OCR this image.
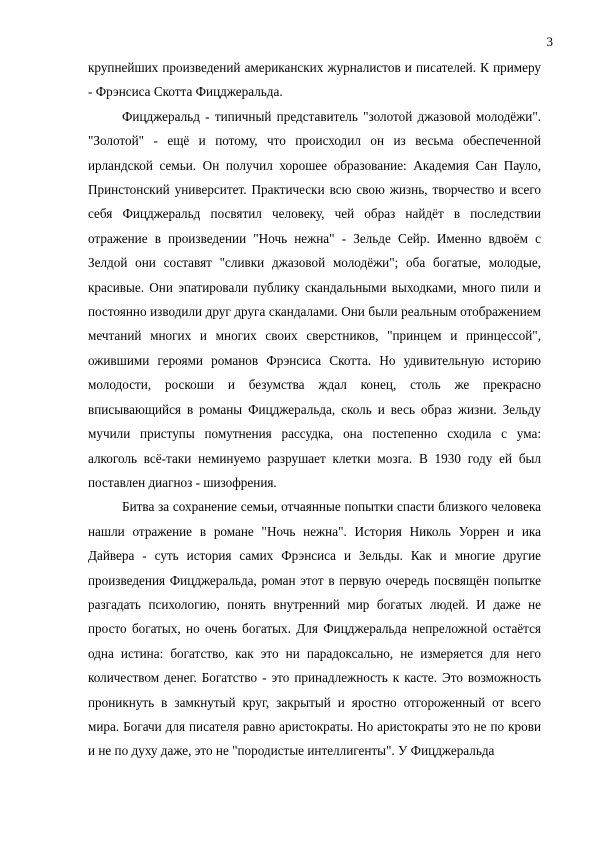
3

крупнейших произведений американских журналистов и писателей. К примеру - Фрэнсиса Скотта Фицджеральда.

Фицджеральд - типичный представитель "золотой джазовой молодёжи". "Золотой" - ещё и потому, что происходил он из весьма обеспеченной ирландской семьи. Он получил хорошее образование: Академия Сан Пауло, Принстонский университет. Практически всю свою жизнь, творчество и всего себя Фицджеральд посвятил человеку, чей образ найдёт в последствии отражение в произведении "Ночь нежна" - Зельде Сейр. Именно вдвоём с Зелдой они составят "сливки джазовой молодёжи"; оба богатые, молодые, красивые. Они эпатировали публику скандальными выходками, много пили и постоянно изводили друг друга скандалами. Они были реальным отображением мечтаний многих и многих своих сверстников, "принцем и принцессой", ожившими героями романов Фрэнсиса Скотта. Но удивительную историю молодости, роскоши и безумства ждал конец, столь же прекрасно вписывающийся в романы Фицджеральда, сколь и весь образ жизни. Зельду мучили приступы помутнения рассудка, она постепенно сходила с ума: алкоголь всё-таки неминуемо разрушает клетки мозга. В 1930 году ей был поставлен диагноз - шизофрения.

Битва за сохранение семьи, отчаянные попытки спасти близкого человека нашли отражение в романе "Ночь нежна". История Николь Уоррен и ика Дайвера - суть история самих Фрэнсиса и Зельды. Как и многие другие произведения Фицджеральда, роман этот в первую очередь посвящён попытке разгадать психологию, понять внутренний мир богатых людей. И даже не просто богатых, но очень богатых. Для Фицджеральда непреложной остаётся одна истина: богатство, как это ни парадоксально, не измеряется для него количеством денег. Богатство - это принадлежность к касте. Это возможность проникнуть в замкнутый круг, закрытый и яростно отгороженный от всего мира. Богачи для писателя равно аристократы. Но аристократы это не по крови и не по духу даже, это не "породистые интеллигенты". У Фицджеральда
